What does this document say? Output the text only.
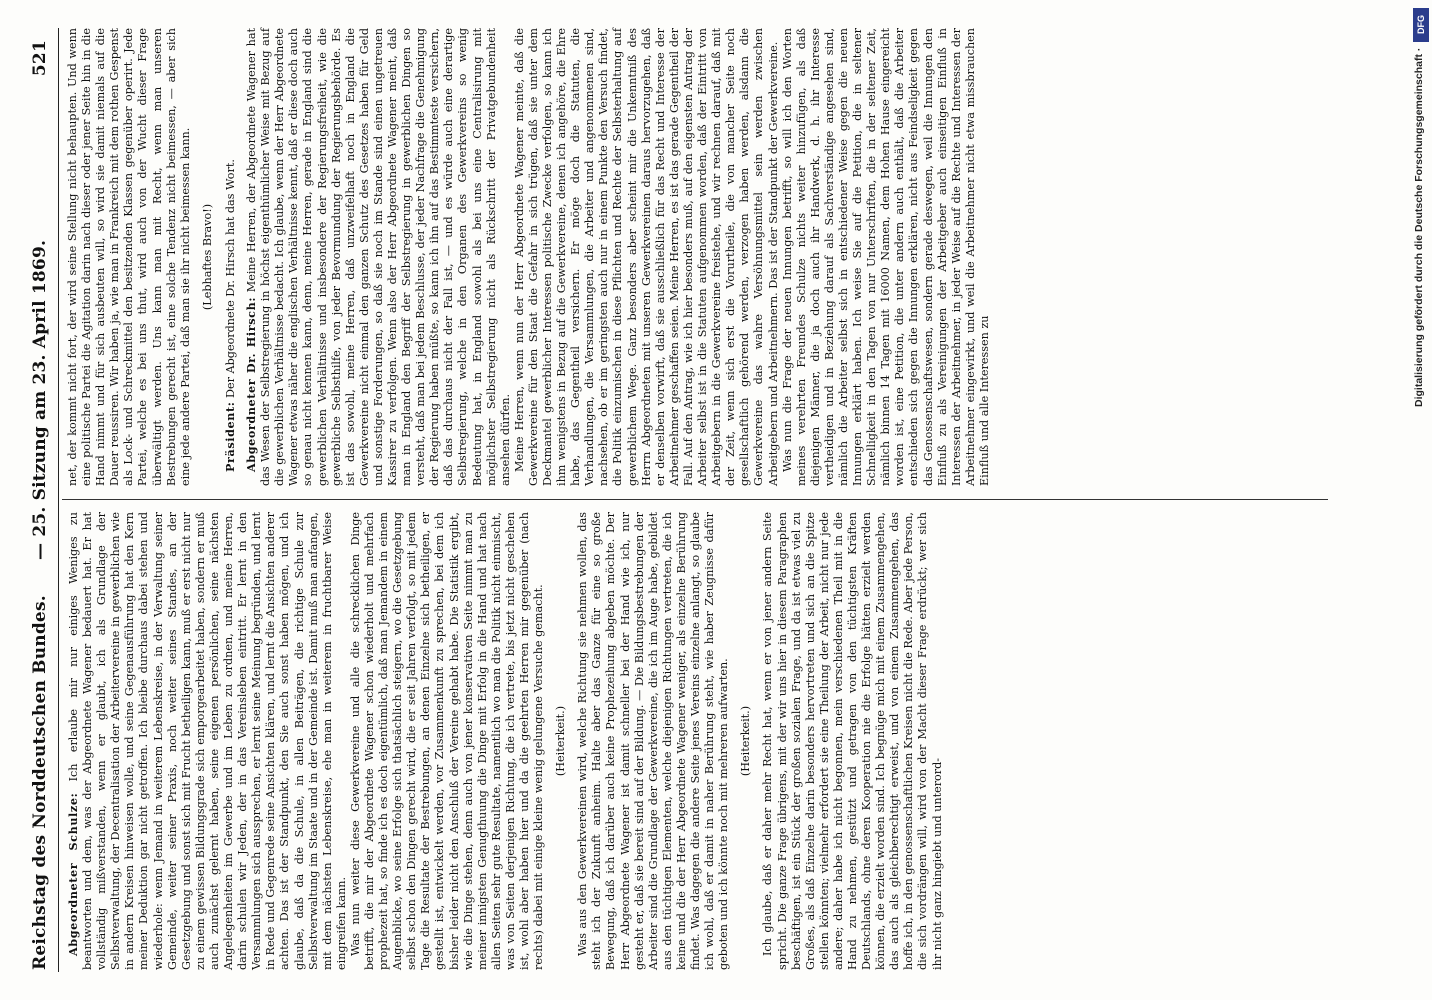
Reichstag des Norddeutschen Bundes.
— 25. Sitzung am 23. April 1869.
521

Abgeordneter Schulze: Ich erlaube mir nur einiges Weniges zu beantworten und dem, was der Abgeordnete Wagener bedauert hat. Er hat vollständig mißverstanden, wenn er glaubt, ich als Grundlage der Selbstverwaltung, der Decentralisation der Arbeitervereine in gewerblichen wie in andern Kreisen hinweisen wolle, und seine Gegenausführung hat den Kern meiner Deduktion gar nicht getroffen. Ich bleibe durchaus dabei stehen und wiederhole: wenn Jemand in weiterem Lebenskreise, in der Verwaltung seiner Gemeinde, weiter seiner Praxis, noch weiter seines Standes, an der Gesetzgebung und sonst sich mit Frucht betheiligen kann, muß er erst nicht nur zu einem gewissen Bildungsgrade sich emporgearbeitet haben, sondern er muß auch zunächst gelernt haben, seine eigenen persönlichen, seine nächsten Angelegenheiten im Gewerbe und im Leben zu ordnen, und meine Herren, darin schulen wir Jeden, der in das Vereinsleben eintritt. Er lernt in den Versammlungen sich aussprechen, er lernt seine Meinung begründen, und lernt in Rede und Gegenrede seine Ansichten klären, und lernt die Ansichten anderer achten. Das ist der Standpunkt, den Sie auch sonst haben mögen, und ich glaube, daß da die Schule, in allen Beiträgen, die richtige Schule zur Selbstverwaltung im Staate und in der Gemeinde ist. Damit muß man anfangen, mit dem nächsten Lebenskreise, ehe man in weiterem in fruchtbarer Weise eingreifen kann. Was nun weiter diese Gewerkvereine und alle die schrecklichen Dinge betrifft, die mir der Abgeordnete Wagener schon wiederholt und mehrfach prophezeit hat, so finde ich es doch eigentümlich, daß man Jemandem in einem Augenblicke, wo seine Erfolge sich thatsächlich steigern, wo die Gesetzgebung selbst schon den Dingen gerecht wird, die er seit Jahren verfolgt, so mit jedem Tage die Resultate der Bestrebungen, an denen Einzelne sich betheiligen, er gestellt ist, entwickelt werden, vor Zusammenkunft zu sprechen, bei dem ich bisher leider nicht den Anschluß der Vereine gehabt habe. Die Statistik ergibt, wie die Dinge stehen, denn auch von jener konservativen Seite nimmt man zu meiner innigsten Genugthuung die Dinge mit Erfolg in die Hand und hat nach allen Seiten sehr gute Resultate, namentlich wo man die Politik nicht einmischt, was von Seiten derjenigen Richtung, die ich vertrete, bis jetzt nicht geschehen ist, wohl aber haben hier und da die geehrten Herren mir gegenüber (nach rechts) dabei mit einige kleine wenig gelungene Versuche gemacht. (Heiterkeit.) Was aus den Gewerkvereinen wird, welche Richtung sie nehmen wollen, das steht ich der Zukunft anheim. Halte aber das Ganze für eine so große Bewegung, daß ich darüber auch keine Prophezeihung abgeben möchte. Der Herr Abgeordnete Wagener ist damit schneller bei der Hand wie ich, nur gesteht er, daß sie bereit sind auf der Bildung. — Die Bildungsbestrebungen der Arbeiter sind die Grundlage der Gewerkvereine, die ich im Auge habe, gebildet aus den tüchtigen Elementen, welche diejenigen Richtungen vertreten, die ich keine und die der Herr Abgeordnete Wagener weniger, als einzelne Berührung findet. Was dagegen die andere Seite jenes Vereins einzelne anlangt, so glaube ich wohl, daß er damit in naher Berührung steht, wie haber Zeugnisse dafür geboten und ich könnte noch mit mehreren aufwarten. (Heiterkeit.) Ich glaube, daß er daher mehr Recht hat, wenn er von jener andern Seite spricht. Die ganze Frage übrigens, mit der wir uns hier in diesem Paragraphen beschäftigen, ist ein Stück der großen sozialen Frage, und da ist etwas viel zu Großes, als daß Einzelne darin besonders hervortreten und sich an die Spitze stellen könnten; vielmehr erfordert sie eine Theilung der Arbeit, nicht nur jede andere; daher habe ich nicht begonnen, mein verschiedenen Theil mit in die Hand zu nehmen, gestützt und getragen von den tüchtigsten Kräften Deutschlands, ohne deren Kooperation nie die Erfolge hätten erzielt werden können, die erzielt worden sind. Ich begnüge mich mit einem Zusammengehen, das auch als gleichberechtigt erweist, und von einem Zusammengehen, das hoffe ich, in den genossenschaftlichen Kreisen nicht die Rede. Aber jede Person, die sich vordrängen will, wird von der Macht dieser Frage erdrückt; wer sich ihr nicht ganz hingiebt und unterord-

net, der kommt nicht fort, der wird seine Stellung nicht behaupten. Und wenn eine politische Partei die Agitation darin nach dieser oder jener Seite hin in die Hand nimmt und für sich ausbeuten will, so wird sie damit niemals auf die Dauer reussiren. Wir haben ja, wie man in Frankreich mit dem rothen Gespenst als Lock- und Schreckmittel den besitzenden Klassen gegenüber operirt. Jede Partei, welche es bei uns thut, wird auch von der Wucht dieser Frage überwältigt werden. Uns kann man mit Recht, wenn man unseren Bestrebungen gerecht ist, eine solche Tendenz nicht beimessen, — aber sich eine jede andere Partei, daß man sie ihr nicht beimessen kann. (Lebhaftes Bravo!)

Präsident: Der Abgeordnete Dr. Hirsch hat das Wort. Abgeordneter Dr. Hirsch: Meine Herren, der Abgeordnete Wagener hat das Wesen der Selbstregierung in höchst eigenthümlicher Weise mit Bezug auf die gewerblichen Verhältnisse bedacht. Ich glaube, wenn der Herr Abgeordnete Wagener etwas näher die englischen Verhältnisse kennt, daß er diese doch auch so genau nicht kennen kann, denn, meine Herren, gerade in England sind die gewerblichen Verhältnisse und insbesondere der Regierungsfreiheit, wie die gewerbliche Selbsthilfe, von jeder Bevormundung der Regierungsbehörde. Es ist das sowohl, meine Herren, daß unzweifelhaft noch in England die Gewerkvereine nicht einmal den ganzen Schutz des Gesetzes haben für Geld und sonstige Forderungen, so daß sie noch im Stande sind einen ungetreuen Kassirer zu verfolgen. Wenn also der Herr Abgeordnete Wagener meint, daß man in England den Begriff der Selbstregierung in gewerblichen Dingen so versteht, daß man bei jedem Beschlusse, der jeder Nachfrage die Genehmigung der Regierung haben müßte, so kann ich ihn auf das Bestimmteste versichern, daß das durchaus nicht der Fall ist, — und es würde auch eine derartige Selbstregierung, welche in den Organen des Gewerkvereins so wenig Bedeutung hat, in England sowohl als bei uns eine Centralisirung mit möglichster Selbstregierung nicht als Rückschritt der Privatgebundenheit ansehen dürfen. Meine Herren, wenn nun der Herr Abgeordnete Wagener meinte, daß die Gewerkvereine für den Staat die Gefahr in sich trügen, daß sie unter dem Deckmantel gewerblicher Interessen politische Zwecke verfolgen, so kann ich ihm wenigstens in Bezug auf die Gewerkvereine, denen ich angehöre, die Ehre habe, das Gegentheil versichern. Er möge doch die Statuten, die Verhandlungen, die Versammlungen, die Arbeiter und angenommenen sind, nachsehen, ob er im geringsten auch nur in einem Punkte den Versuch findet, die Politik einzumischen in diese Pflichten und Rechte der Selbsterhaltung auf gewerblichem Wege. Ganz besonders aber scheint mir die Unkenntniß des Herrn Abgeordneten mit unseren Gewerkvereinen daraus hervorzugehen, daß er denselben vorwirft, daß sie ausschließlich für das Recht und Interesse der Arbeitnehmer geschaffen seien. Meine Herren, es ist das gerade Gegentheil der Fall. Auf den Antrag, wie ich hier besonders muß, auf den eigensten Antrag der Arbeiter selbst ist in die Statuten aufgenommen worden, daß der Eintritt von Arbeitgebern in die Gewerkvereine freistehe, und wir rechnen darauf, daß mit der Zeit, wenn sich erst die Vorurtheile, die von mancher Seite noch gesellschaftlich gehörend werden, verzogen haben werden, alsdann die Gewerkvereine das wahre Versöhnungsmittel sein werden zwischen Arbeitgebern und Arbeitnehmern. Das ist der Standpunkt der Gewerkvereine. Was nun die Frage der neuen Innungen betrifft, so will ich den Worten meines verehrten Freundes Schulze nichts weiter hinzufügen, als daß diejenigen Männer, die ja doch auch ihr Handwerk, d. h. ihr Interesse vertheidigen und in Beziehung darauf als Sachverständige angesehen sind, nämlich die Arbeiter selbst sich in entschiedener Weise gegen die neuen Innungen erklärt haben. Ich weise Sie auf die Petition, die in seltener Schnelligkeit in den Tagen von nur Unterschriften, die in der seltener Zeit, nämlich binnen 14 Tagen mit 16000 Namen, dem Hohen Hause eingereicht worden ist, eine Petition, die unter andern auch enthält, daß die Arbeiter entschieden sich gegen die Innungen erklären, nicht aus Feindseligkeit gegen das Genossenschaftswesen, sondern gerade deswegen, weil die Innungen den Einfluß zu als Vereinigungen der Arbeitgeber auch einseitigen Einfluß in Interessen der Arbeitnehmer, in jeder Weise auf die Rechte und Interessen der Arbeitnehmer eingewirkt, und weil die Arbeitnehmer nicht etwa missbrauchen Einfluß und alle Interessen zu

DFG
Digitalisierung gefördert durch die Deutsche Forschungsgemeinschaft ·
